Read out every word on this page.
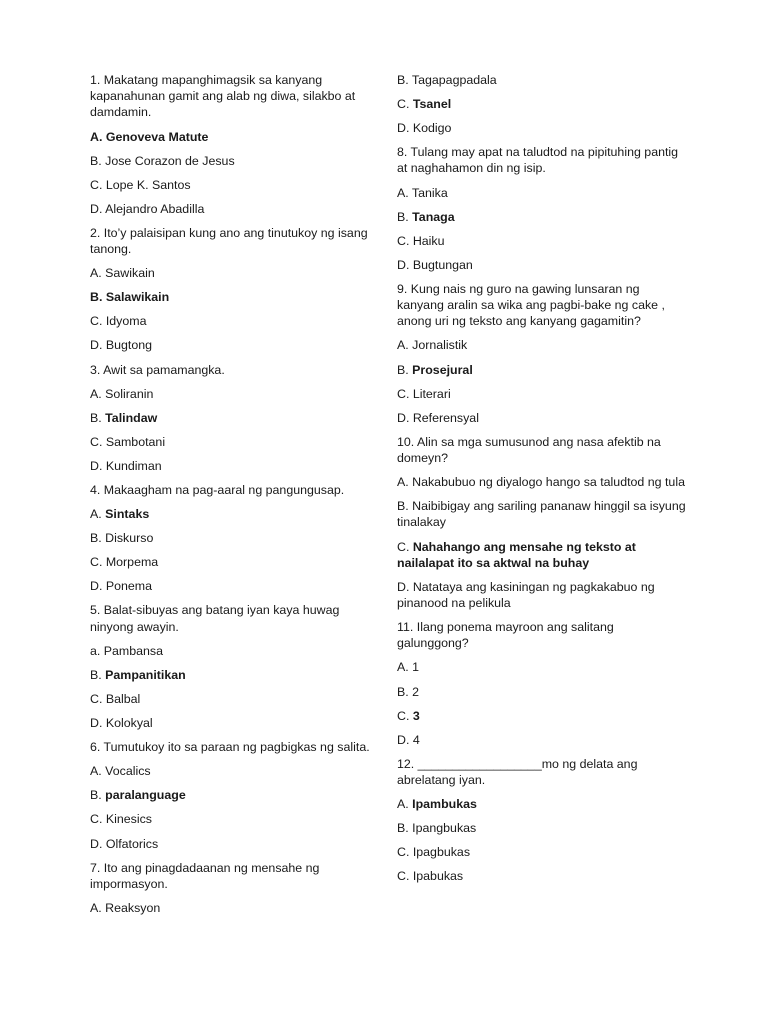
1. Makatang mapanghimagsik sa kanyang kapanahunan gamit ang alab ng diwa, silakbo at damdamin.

A. Genoveva Matute

B. Jose Corazon de Jesus

C. Lope K. Santos

D. Alejandro Abadilla

2. Ito’y palaisipan kung ano ang tinutukoy ng isang tanong.

A. Sawikain

B. Salawikain

C. Idyoma

D. Bugtong

3. Awit sa pamamangka.

A. Soliranin

B. Talindaw

C. Sambotani

D. Kundiman

4. Makaagham na pag-aaral ng pangungusap.

A. Sintaks

B. Diskurso

C. Morpema

D. Ponema

5. Balat-sibuyas ang batang iyan kaya huwag ninyong awayin.

a. Pambansa

B. Pampanitikan

C. Balbal

D. Kolokyal

6. Tumutukoy ito sa paraan ng pagbigkas ng salita.

A. Vocalics

B. paralanguage

C. Kinesics

D. Olfatorics

7. Ito ang pinagdadaanan ng mensahe ng impormasyon.

A. Reaksyon

B. Tagapagpadala

C. Tsanel

D. Kodigo

8. Tulang may apat na taludtod na pipituhing pantig at naghahamon din ng isip.

A. Tanika

B. Tanaga

C. Haiku

D. Bugtungan

9. Kung nais ng guro na gawing lunsaran ng kanyang aralin sa wika ang pagbi-bake ng cake , anong uri ng teksto ang kanyang gagamitin?

A. Jornalistik

B. Prosejural

C. Literari

D. Referensyal

10. Alin sa mga sumusunod ang nasa afektib na domeyn?

A. Nakabubuo ng diyalogo hango sa taludtod ng tula

B. Naibibigay ang sariling pananaw hinggil sa isyung tinalakay

C. Nahahango ang mensahe ng teksto at nailalapat ito sa aktwal na buhay

D. Natataya ang kasiningan ng pagkakabuo ng pinanood na pelikula

11. Ilang ponema mayroon ang salitang galunggong?

A. 1

B. 2

C. 3

D. 4

12. __________________mo ng delata ang abrelatang iyan.

A. Ipambukas

B. Ipangbukas

C. Ipagbukas

C. Ipabukas
